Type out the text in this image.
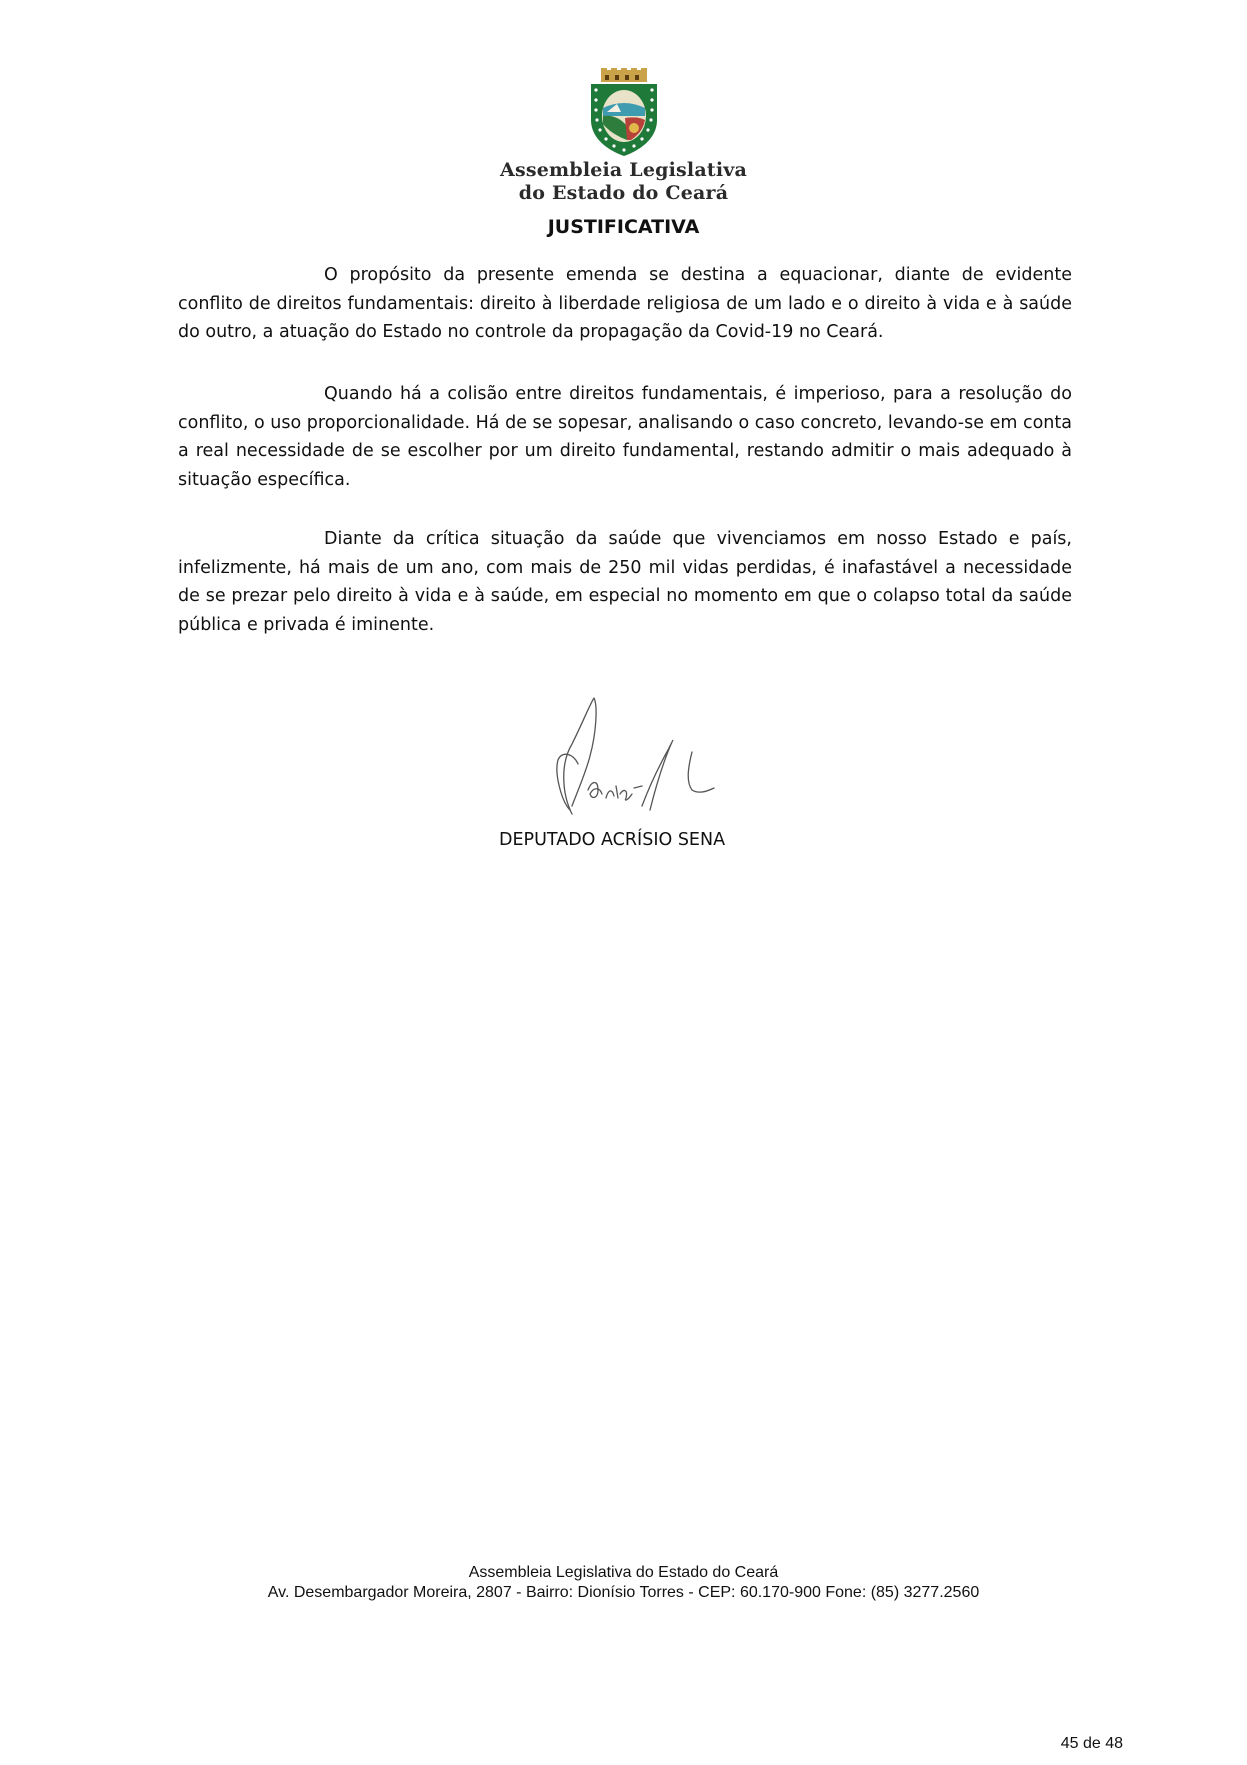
Assembleia Legislativa
do Estado do Ceará
JUSTIFICATIVA
O propósito da presente emenda se destina a equacionar, diante de evidente conflito de direitos fundamentais: direito à liberdade religiosa de um lado e o direito à vida e à saúde do outro, a atuação do Estado no controle da propagação da Covid-19 no Ceará.
Quando há a colisão entre direitos fundamentais, é imperioso, para a resolução do conflito, o uso proporcionalidade. Há de se sopesar, analisando o caso concreto, levando-se em conta a real necessidade de se escolher por um direito fundamental, restando admitir o mais adequado à situação específica.
Diante da crítica situação da saúde que vivenciamos em nosso Estado e país, infelizmente, há mais de um ano, com mais de 250 mil vidas perdidas, é inafastável a necessidade de se prezar pelo direito à vida e à saúde, em especial no momento em que o colapso total da saúde pública e privada é iminente.
DEPUTADO ACRÍSIO SENA
Assembleia Legislativa do Estado do Ceará
Av. Desembargador Moreira, 2807 - Bairro: Dionísio Torres - CEP: 60.170-900 Fone: (85) 3277.2560
45 de 48
